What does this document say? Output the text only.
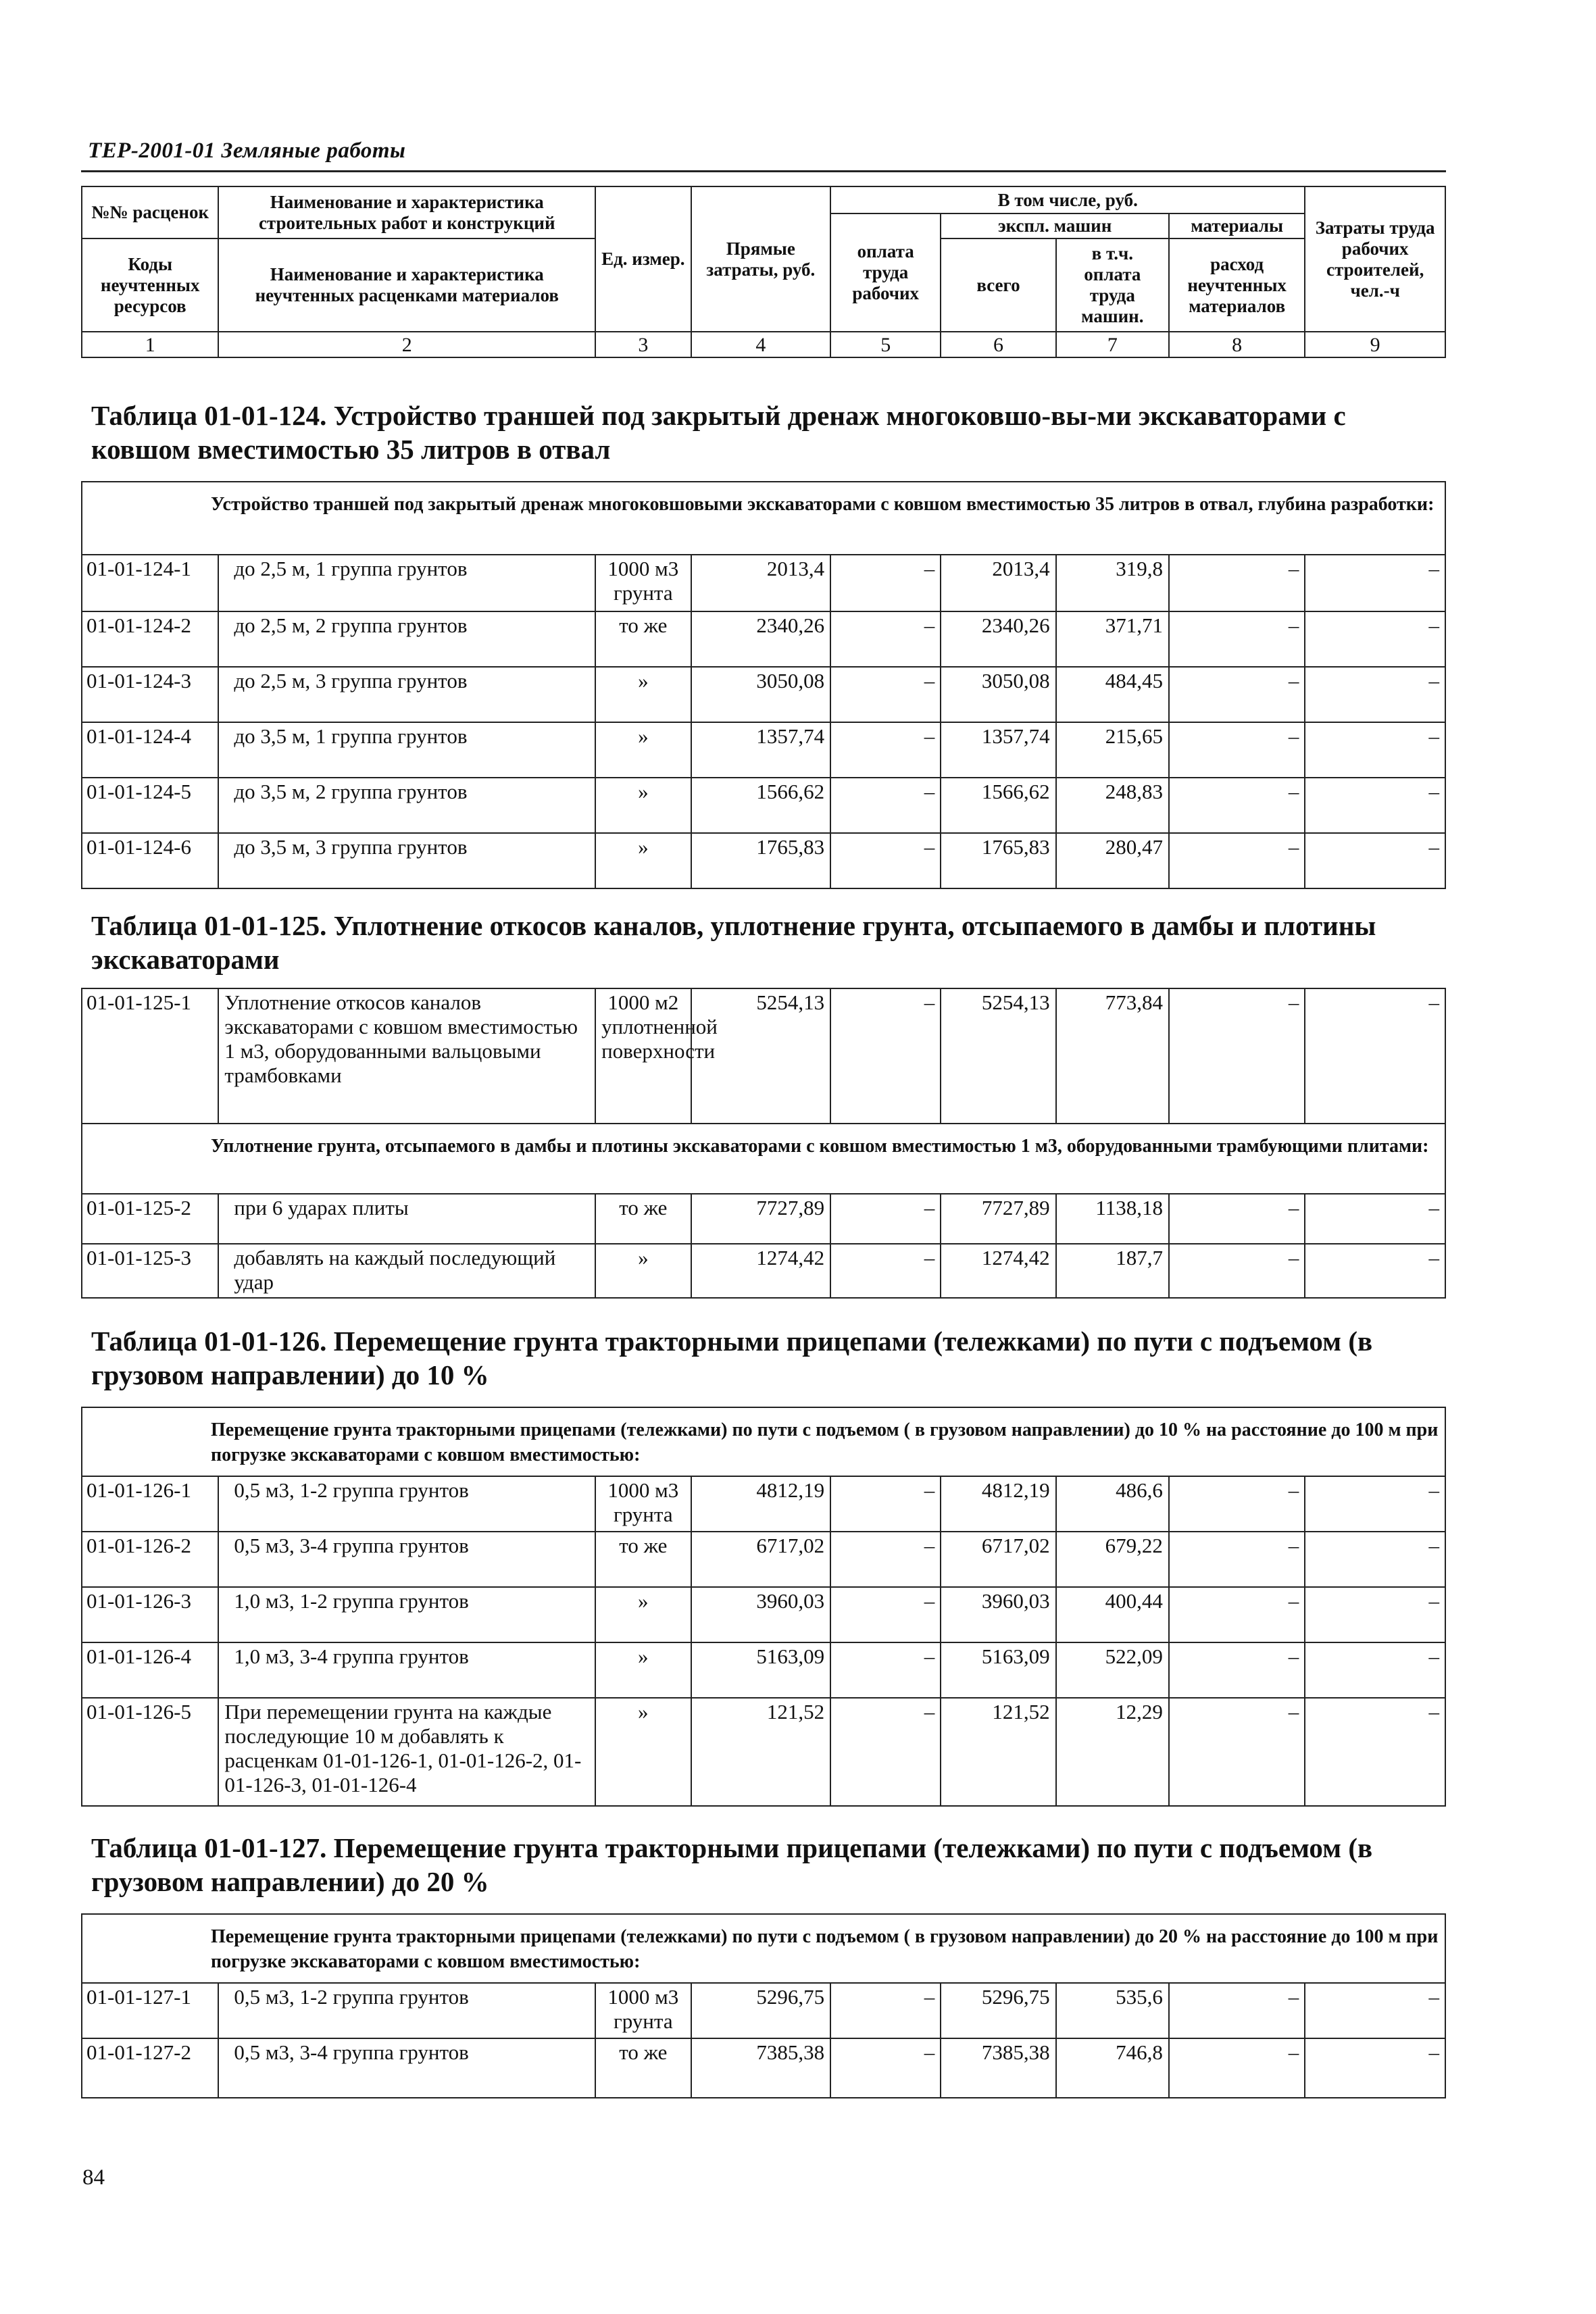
ТЕР-2001-01 Земляные работы
№№ расценок	Наименование и характеристика строительных работ и конструкций	Ед. измер.	Прямые затраты, руб.	В том числе, руб.				Затраты труда рабочих строителей, чел.-ч
				оплата труда рабочих	экспл. машин		материалы	
Коды неучтенных ресурсов	Наименование и характеристика неучтенных расценками материалов				всего	в т.ч. оплата труда машин.	расход неучтенных материалов	

1	2	3	4	5	6	7	8	9
Таблица 01-01-124. Устройство траншей под закрытый дренаж многоковшо-вы-ми экскаваторами с ковшом вместимостью 35 литров в отвал
Устройство траншей под закрытый дренаж многоковшовыми экскаваторами с ковшом вместимостью 35 литров в отвал, глубина разработки:								
01-01-124-1	до 2,5 м, 1 группа грунтов	1000 м3 грунта	2013,4	–	2013,4	319,8	–	–
01-01-124-2	до 2,5 м, 2 группа грунтов	то же	2340,26	–	2340,26	371,71	–	–
01-01-124-3	до 2,5 м, 3 группа грунтов	»	3050,08	–	3050,08	484,45	–	–
01-01-124-4	до 3,5 м, 1 группа грунтов	»	1357,74	–	1357,74	215,65	–	–
01-01-124-5	до 3,5 м, 2 группа грунтов	»	1566,62	–	1566,62	248,83	–	–
01-01-124-6	до 3,5 м, 3 группа грунтов	»	1765,83	–	1765,83	280,47	–	–
Таблица 01-01-125. Уплотнение откосов каналов, уплотнение грунта, отсыпаемого в дамбы и плотины экскаваторами
01-01-125-1	Уплотнение откосов каналов экскаваторами с ковшом вместимостью 1 м3, оборудованными вальцовыми трамбовками	1000 м2 уплотненной поверхности	5254,13	–	5254,13	773,84	–	–
Уплотнение грунта, отсыпаемого в дамбы и плотины экскаваторами с ковшом вместимостью 1 м3, оборудованными трамбующими плитами:								
01-01-125-2	при 6 ударах плиты	то же	7727,89	–	7727,89	1138,18	–	–
01-01-125-3	добавлять на каждый последующий удар	»	1274,42	–	1274,42	187,7	–	–
Таблица 01-01-126. Перемещение грунта тракторными прицепами (тележками) по пути с подъемом (в грузовом направлении) до 10 %
Перемещение грунта тракторными прицепами (тележками) по пути с подъемом ( в грузовом направлении) до 10 % на расстояние до 100 м при погрузке экскаваторами с ковшом вместимостью:								
01-01-126-1	0,5 м3, 1-2 группа грунтов	1000 м3 грунта	4812,19	–	4812,19	486,6	–	–
01-01-126-2	0,5 м3, 3-4 группа грунтов	то же	6717,02	–	6717,02	679,22	–	–
01-01-126-3	1,0 м3, 1-2 группа грунтов	»	3960,03	–	3960,03	400,44	–	–
01-01-126-4	1,0 м3, 3-4 группа грунтов	»	5163,09	–	5163,09	522,09	–	–
01-01-126-5	При перемещении грунта на каждые последующие 10 м добавлять к расценкам 01-01-126-1, 01-01-126-2, 01-01-126-3, 01-01-126-4	»	121,52	–	121,52	12,29	–	–
Таблица 01-01-127. Перемещение грунта тракторными прицепами (тележками) по пути с подъемом (в грузовом направлении) до 20 %
Перемещение грунта тракторными прицепами (тележками) по пути с подъемом ( в грузовом направлении) до 20 % на расстояние до 100 м при погрузке экскаваторами с ковшом вместимостью:								
01-01-127-1	0,5 м3, 1-2 группа грунтов	1000 м3 грунта	5296,75	–	5296,75	535,6	–	–
01-01-127-2	0,5 м3, 3-4 группа грунтов	то же	7385,38	–	7385,38	746,8	–	–
84
